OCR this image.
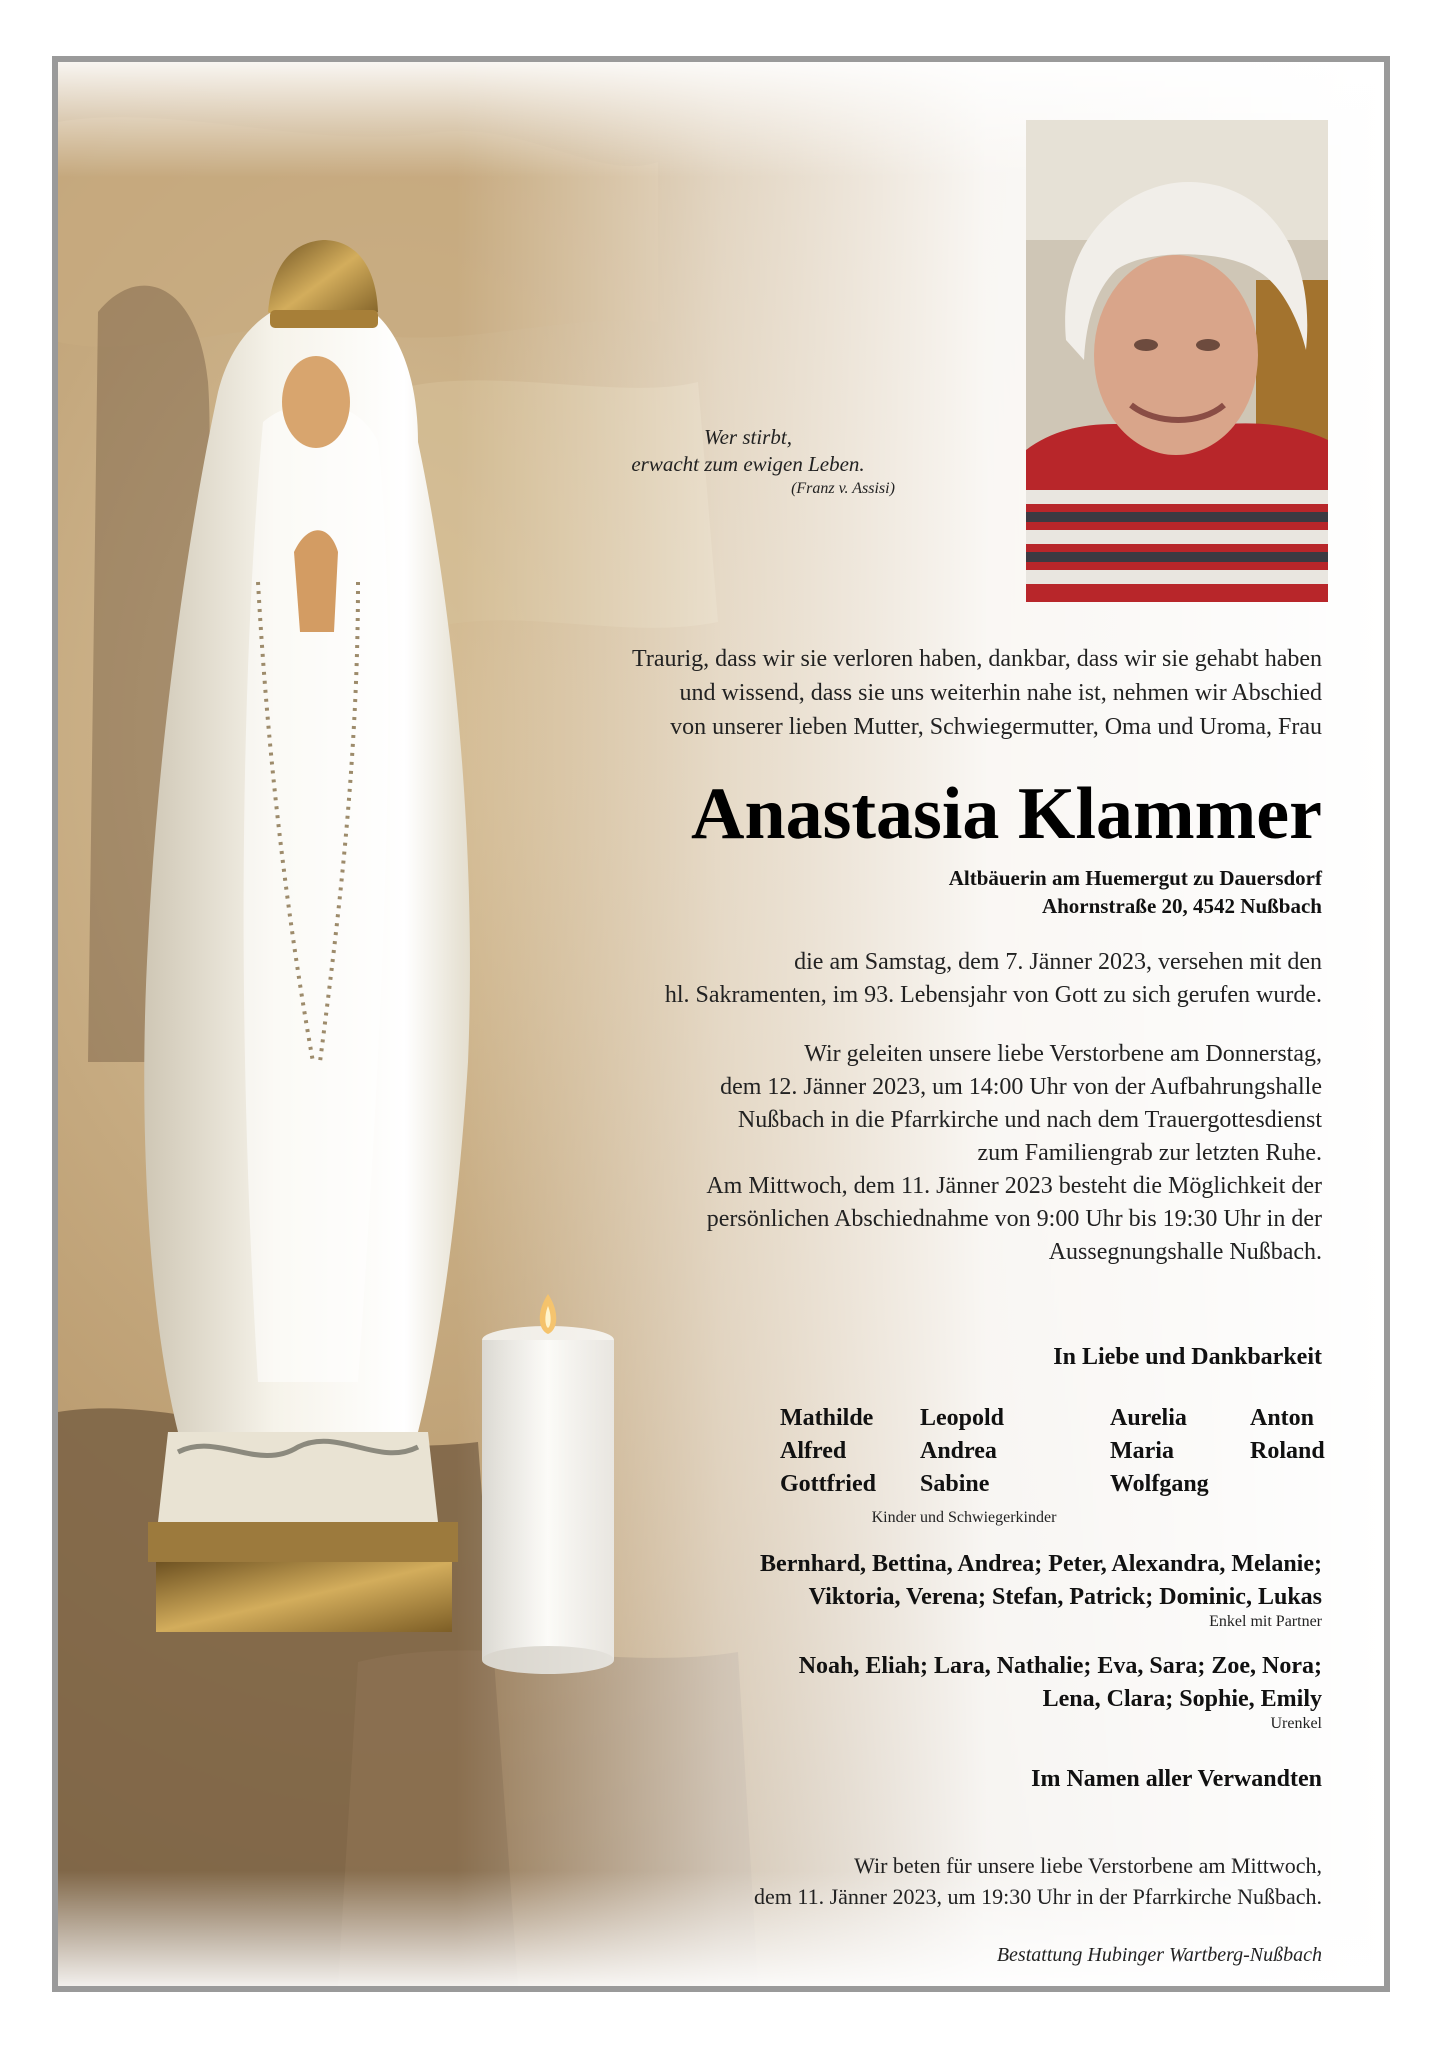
Wer stirbt,
erwacht zum ewigen Leben.
(Franz v. Assisi)
Traurig, dass wir sie verloren haben, dankbar, dass wir sie gehabt haben
und wissend, dass sie uns weiterhin nahe ist, nehmen wir Abschied
von unserer lieben Mutter, Schwiegermutter, Oma und Uroma, Frau
Anastasia Klammer
Altbäuerin am Huemergut zu Dauersdorf
Ahornstraße 20, 4542 Nußbach
die am Samstag, dem 7. Jänner 2023, versehen mit den
hl. Sakramenten, im 93. Lebensjahr von Gott zu sich gerufen wurde.
Wir geleiten unsere liebe Verstorbene am Donnerstag,
dem 12. Jänner 2023, um 14:00 Uhr von der Aufbahrungshalle
Nußbach in die Pfarrkirche und nach dem Trauergottesdienst
zum Familiengrab zur letzten Ruhe.
Am Mittwoch, dem 11. Jänner 2023 besteht die Möglichkeit der
persönlichen Abschiednahme von 9:00 Uhr bis 19:30 Uhr in der
Aussegnungshalle Nußbach.
In Liebe und Dankbarkeit
Mathilde
Alfred
Gottfried
Leopold
Andrea
Sabine
Aurelia
Maria
Wolfgang
Anton
Roland
Kinder und Schwiegerkinder
Bernhard, Bettina, Andrea; Peter, Alexandra, Melanie;
Viktoria, Verena; Stefan, Patrick; Dominic, Lukas
Enkel mit Partner
Noah, Eliah; Lara, Nathalie; Eva, Sara; Zoe, Nora;
Lena, Clara; Sophie, Emily
Urenkel
Im Namen aller Verwandten
Wir beten für unsere liebe Verstorbene am Mittwoch,
dem 11. Jänner 2023, um 19:30 Uhr in der Pfarrkirche Nußbach.
Bestattung Hubinger Wartberg-Nußbach
